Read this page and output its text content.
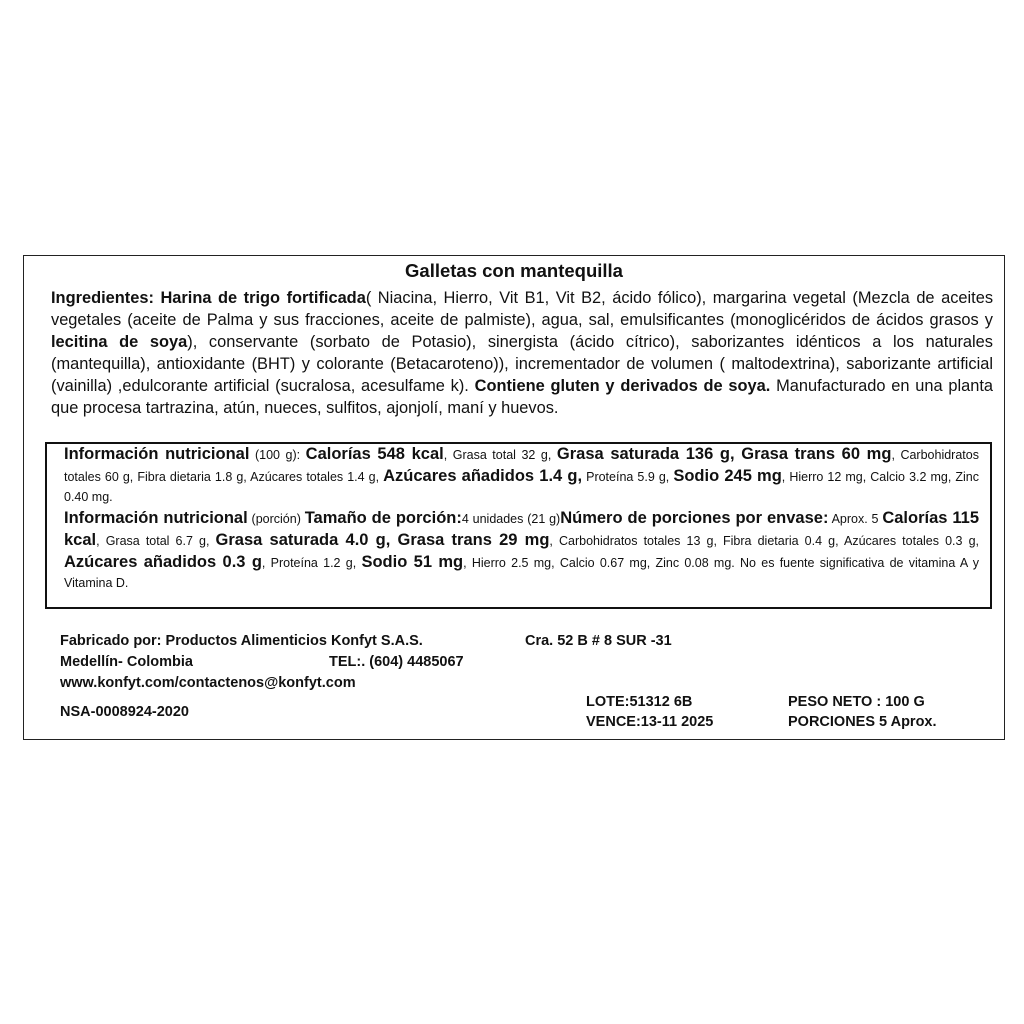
Galletas con mantequilla
Ingredientes: Harina de trigo fortificada( Niacina, Hierro, Vit B1, Vit B2, ácido fólico), margarina vegetal (Mezcla de aceites vegetales (aceite de Palma y sus fracciones, aceite de palmiste), agua, sal, emulsificantes (monoglicéridos de ácidos grasos y lecitina de soya), conservante (sorbato de Potasio), sinergista (ácido cítrico), saborizantes idénticos a los naturales (mantequilla), antioxidante (BHT) y colorante (Betacaroteno)), incrementador de volumen ( maltodextrina), saborizante artificial (vainilla) ,edulcorante artificial (sucralosa, acesulfame k). Contiene gluten y derivados de soya. Manufacturado en una planta que procesa tartrazina, atún, nueces, sulfitos, ajonjolí, maní y huevos.
Información nutricional (100 g): Calorías 548 kcal, Grasa total 32 g, Grasa saturada 136 g, Grasa trans 60 mg, Carbohidratos totales 60 g, Fibra dietaria 1.8 g, Azúcares totales 1.4 g, Azúcares añadidos 1.4 g, Proteína 5.9 g, Sodio 245 mg, Hierro 12 mg, Calcio 3.2 mg, Zinc 0.40 mg.
Información nutricional (porción) Tamaño de porción:4 unidades (21 g)Número de porciones por envase: Aprox. 5 Calorías 115 kcal, Grasa total 6.7 g, Grasa saturada 4.0 g, Grasa trans 29 mg, Carbohidratos totales 13 g, Fibra dietaria 0.4 g, Azúcares totales 0.3 g, Azúcares añadidos 0.3 g, Proteína 1.2 g, Sodio 51 mg, Hierro 2.5 mg, Calcio 0.67 mg, Zinc 0.08 mg. No es fuente significativa de vitamina A y Vitamina D.
Fabricado por: Productos Alimenticios Konfyt S.A.S.	Cra. 52 B # 8 SUR -31
Medellín- Colombia	TEL:. (604) 4485067
www.konfyt.com/contactenos@konfyt.com
NSA-0008924-2020
LOTE:51312 6B
VENCE:13-11 2025
PESO NETO : 100 G
PORCIONES 5 Aprox.
